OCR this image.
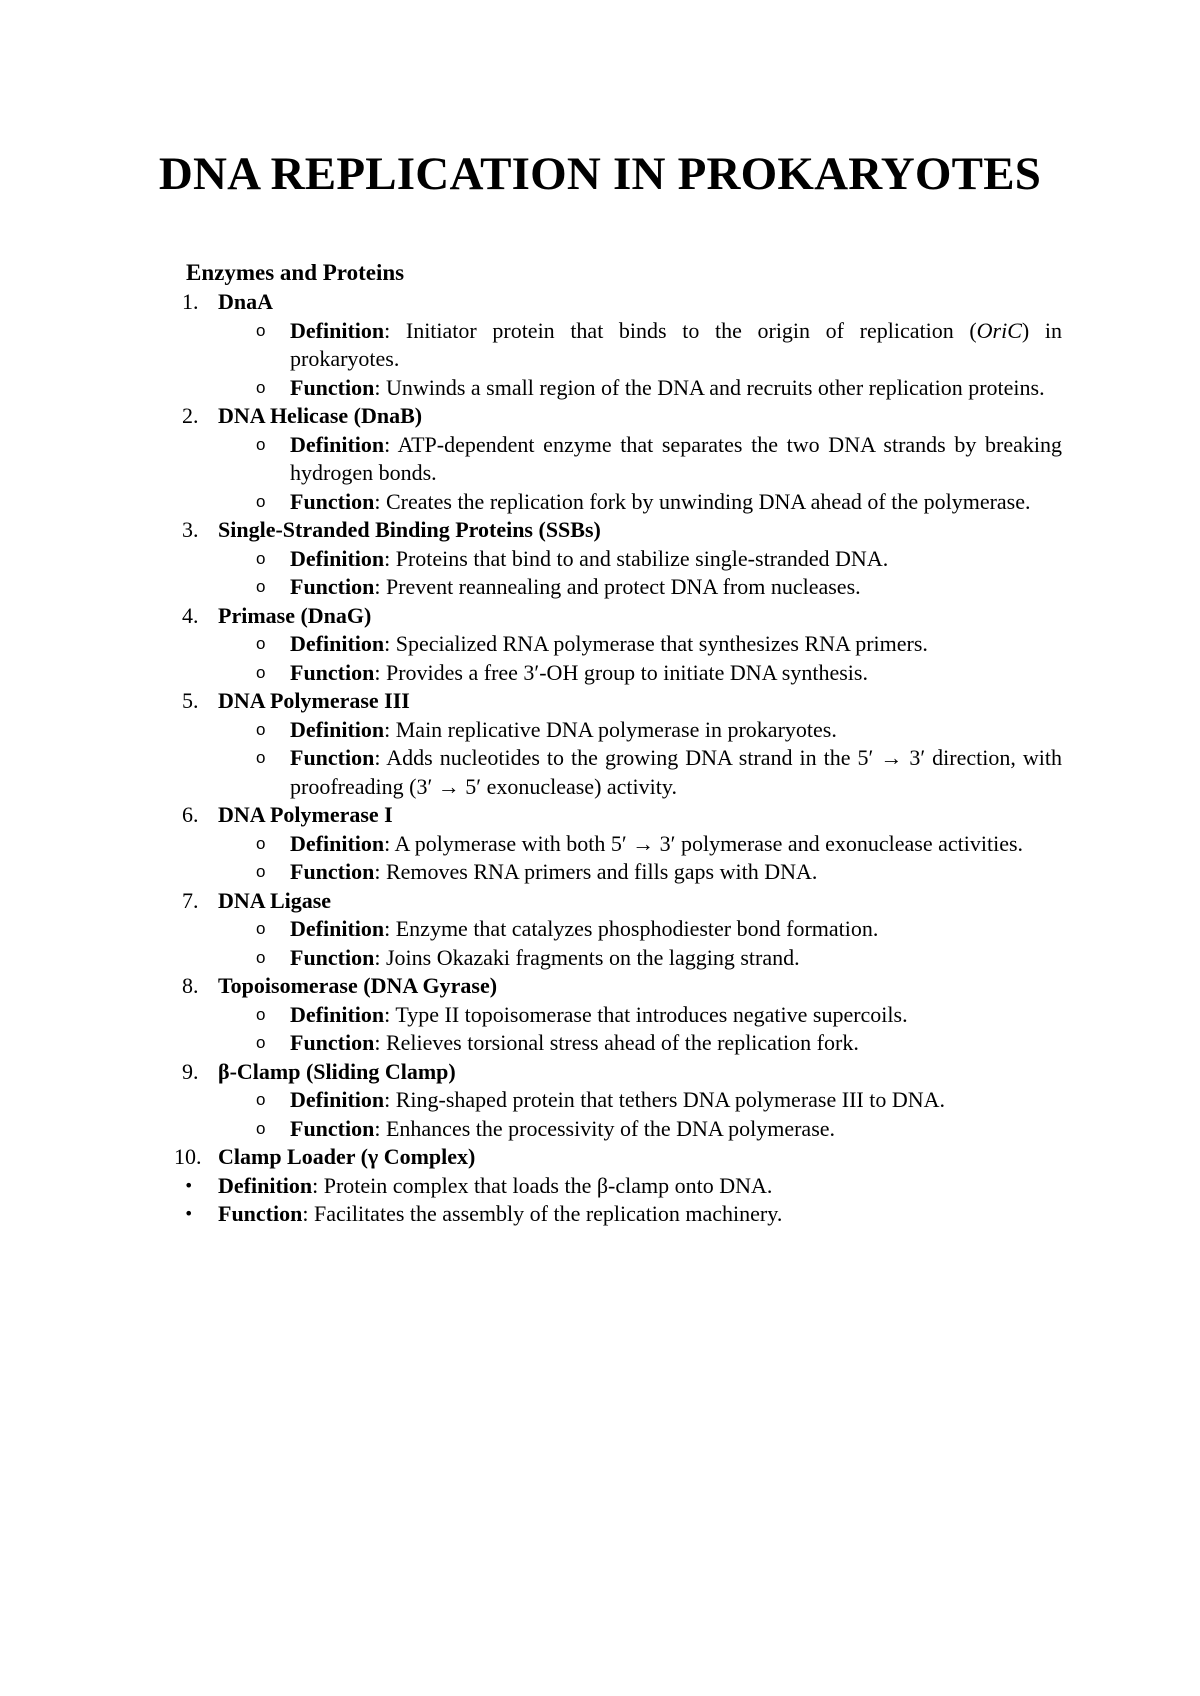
DNA REPLICATION IN PROKARYOTES
Enzymes and Proteins
1. DnaA
o Definition: Initiator protein that binds to the origin of replication (OriC) in prokaryotes.
o Function: Unwinds a small region of the DNA and recruits other replication proteins.
2. DNA Helicase (DnaB)
o Definition: ATP-dependent enzyme that separates the two DNA strands by breaking hydrogen bonds.
o Function: Creates the replication fork by unwinding DNA ahead of the polymerase.
3. Single-Stranded Binding Proteins (SSBs)
o Definition: Proteins that bind to and stabilize single-stranded DNA.
o Function: Prevent reannealing and protect DNA from nucleases.
4. Primase (DnaG)
o Definition: Specialized RNA polymerase that synthesizes RNA primers.
o Function: Provides a free 3′-OH group to initiate DNA synthesis.
5. DNA Polymerase III
o Definition: Main replicative DNA polymerase in prokaryotes.
o Function: Adds nucleotides to the growing DNA strand in the 5′ → 3′ direction, with proofreading (3′ → 5′ exonuclease) activity.
6. DNA Polymerase I
o Definition: A polymerase with both 5′ → 3′ polymerase and exonuclease activities.
o Function: Removes RNA primers and fills gaps with DNA.
7. DNA Ligase
o Definition: Enzyme that catalyzes phosphodiester bond formation.
o Function: Joins Okazaki fragments on the lagging strand.
8. Topoisomerase (DNA Gyrase)
o Definition: Type II topoisomerase that introduces negative supercoils.
o Function: Relieves torsional stress ahead of the replication fork.
9. β-Clamp (Sliding Clamp)
o Definition: Ring-shaped protein that tethers DNA polymerase III to DNA.
o Function: Enhances the processivity of the DNA polymerase.
10. Clamp Loader (γ Complex)
• Definition: Protein complex that loads the β-clamp onto DNA.
• Function: Facilitates the assembly of the replication machinery.
